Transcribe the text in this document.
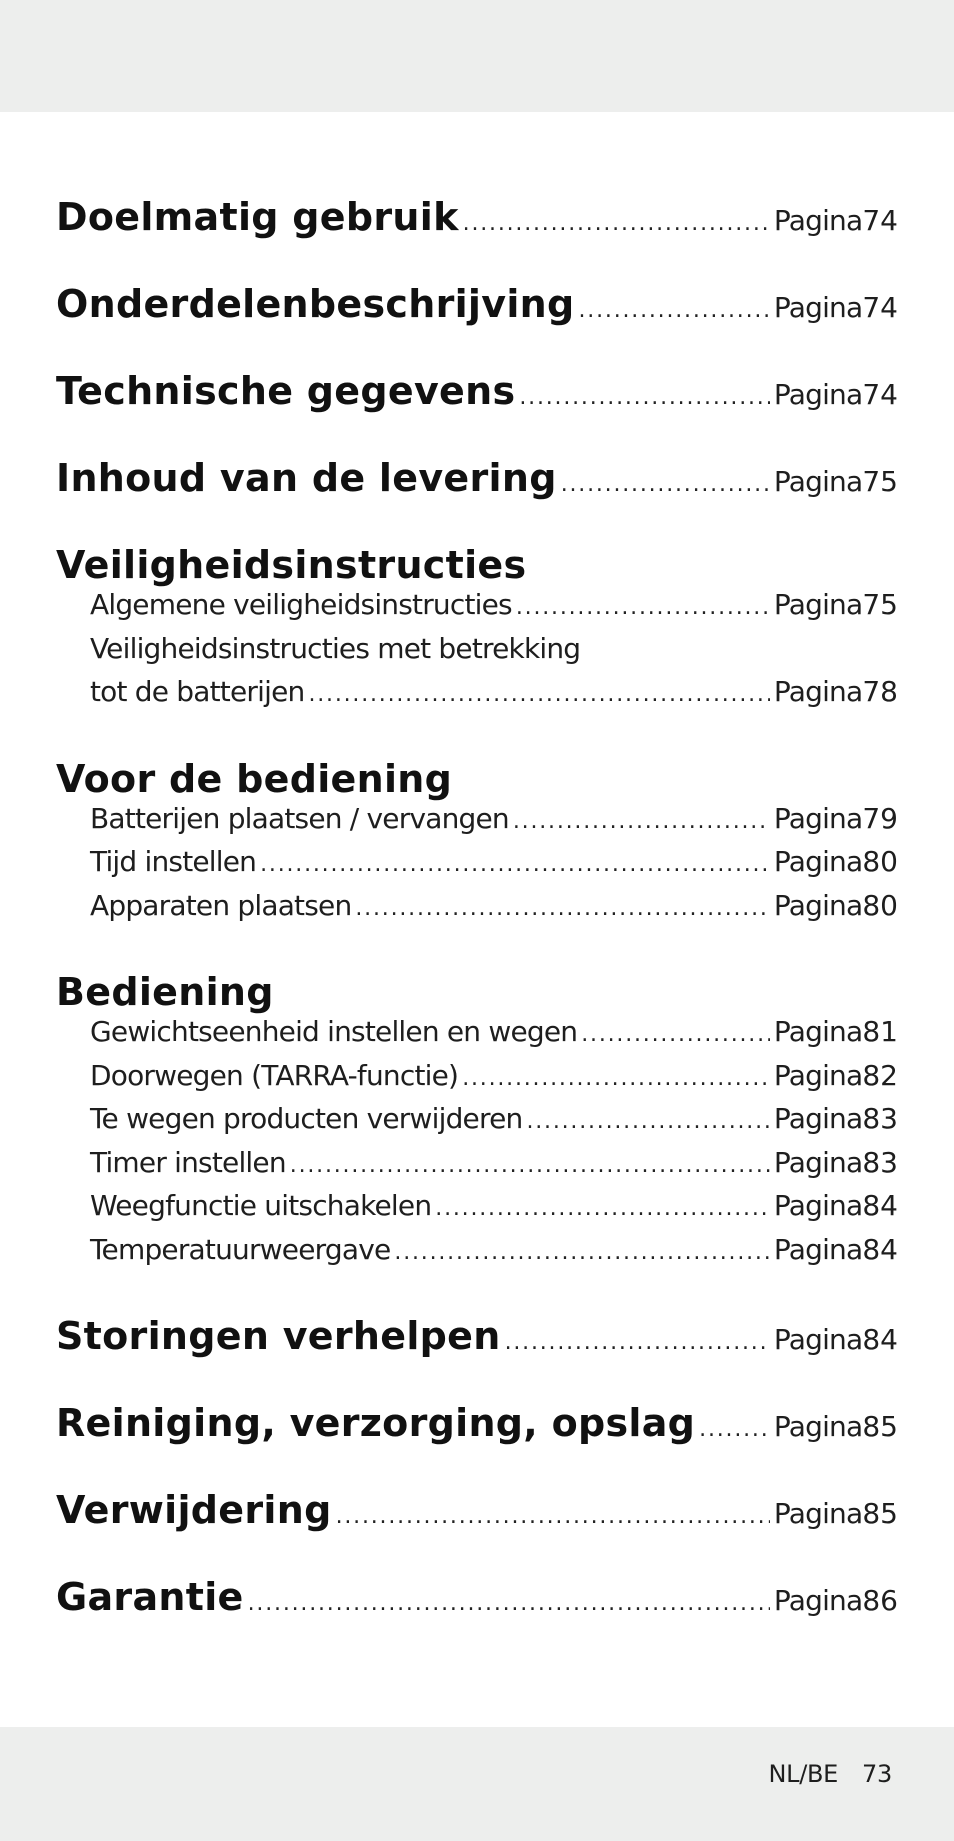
Doelmatig gebruik .....	Pagina 74
Onderdelenbeschrijving .....	Pagina 74
Technische gegevens .....	Pagina 74
Inhoud van de levering .....	Pagina 75
Veiligheidsinstructies
Algemene veiligheidsinstructies .....	Pagina 75
Veiligheidsinstructies met betrekking
tot de batterijen .....	Pagina 78
Voor de bediening
Batterijen plaatsen / vervangen .....	Pagina 79
Tijd instellen .....	Pagina 80
Apparaten plaatsen .....	Pagina 80
Bediening
Gewichtseenheid instellen en wegen .....	Pagina 81
Doorwegen (TARRA-functie) .....	Pagina 82
Te wegen producten verwijderen .....	Pagina 83
Timer instellen .....	Pagina 83
Weegfunctie uitschakelen .....	Pagina 84
Temperatuurweergave .....	Pagina 84
Storingen verhelpen .....	Pagina 84
Reiniging, verzorging, opslag .....	Pagina 85
Verwijdering .....	Pagina 85
Garantie .....	Pagina 86
NL/BE 73
